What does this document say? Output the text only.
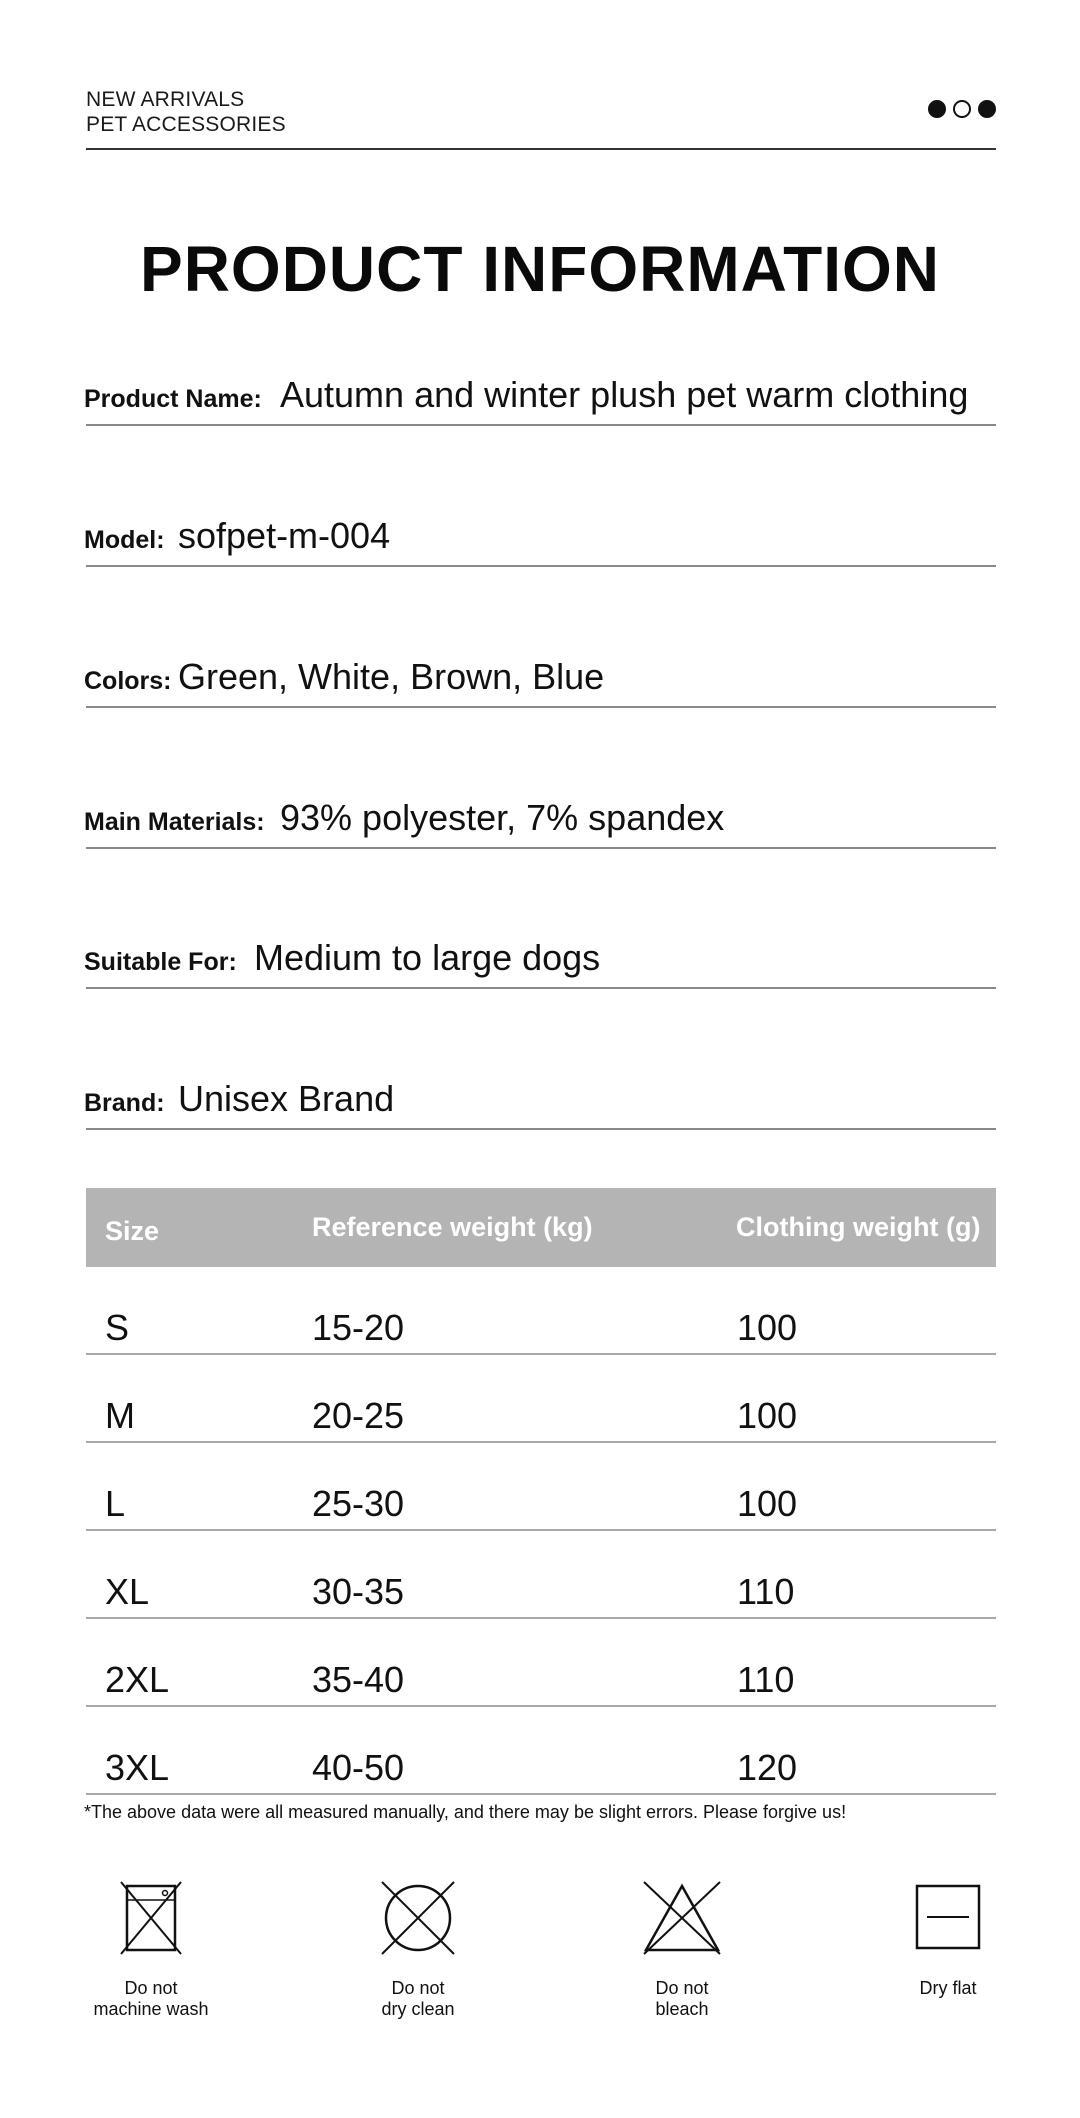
NEW ARRIVALS
PET ACCESSORIES
PRODUCT INFORMATION
Product Name: Autumn and winter plush pet warm clothing
Model: sofpet-m-004
Colors: Green, White, Brown, Blue
Main Materials: 93% polyester, 7% spandex
Suitable For: Medium to large dogs
Brand: Unisex Brand
Size	Reference weight (kg)	Clothing weight (g)
S	15-20	100
M	20-25	100
L	25-30	100
XL	30-35	110
2XL	35-40	110
3XL	40-50	120
*The above data were all measured manually, and there may be slight errors. Please forgive us!
Do not
machine wash
Do not
dry clean
Do not
bleach
Dry flat
